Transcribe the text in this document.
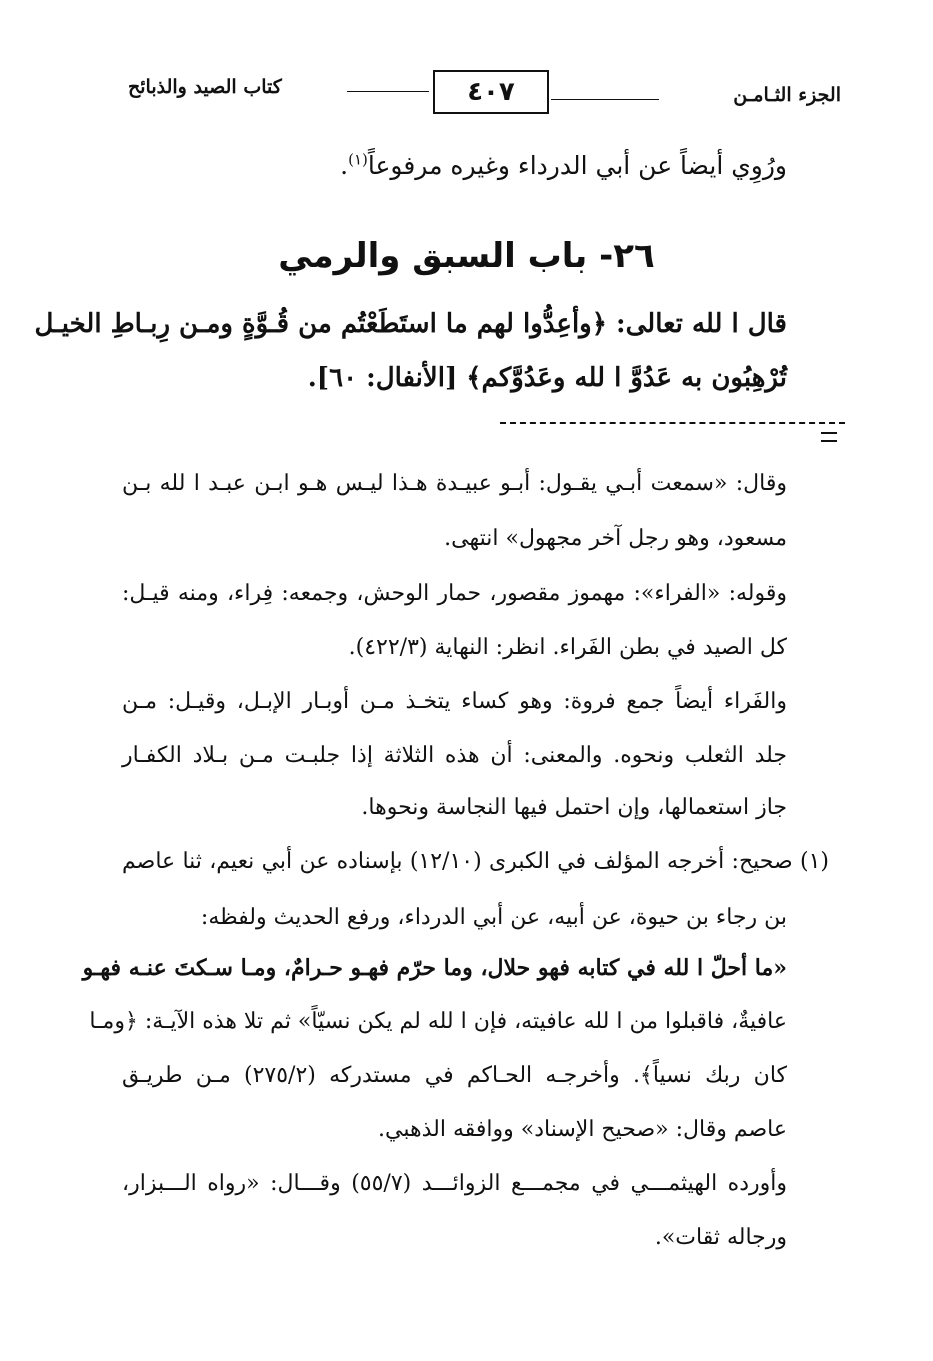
الجزء الثـامـن
٤٠٧
كتاب الصيد والذبائح
ورُوِي أيضاً عن أبي الدرداء وغيره مرفوعاً$^{(١)}$.
٢٦- باب السبق والرمي
قال ا لله تعالى: ﴿وأعِدُّوا لهم ما استَطَعْتُم من قُـوَّةٍ ومـن رِبـاطِ الخيـل
تُرْهِبُون به عَدُوَّ ا لله وعَدُوَّكم﴾ [الأنفال: ٦٠].
وقال: «سمعت أبـي يقـول: أبـو عبيـدة هـذا ليـس هـو ابـن عبـد ا لله بـن
مسعود، وهو رجل آخر مجهول» انتهى.
وقوله: «الفراء»: مهموز مقصور، حمار الوحش، وجمعه: فِراء، ومنه قيـل:
كل الصيد في بطن الفَراء. انظر: النهاية (٤٢٢/٣).
والفَراء أيضاً جمع فروة: وهو كساء يتخـذ مـن أوبـار الإبـل، وقيـل: مـن
جلد الثعلب ونحوه. والمعنى: أن هذه الثلاثة إذا جلبـت مـن بـلاد الكفـار
جاز استعمالها، وإن احتمل فيها النجاسة ونحوها.
(١) صحيح: أخرجه المؤلف في الكبرى (١٢/١٠) بإسناده عن أبي نعيم، ثنا عاصم
بن رجاء بن حيوة، عن أبيه، عن أبي الدرداء، ورفع الحديث ولفظه:
«ما أحلّ ا لله في كتابه فهو حلال، وما حرّم فهـو حـرامٌ، ومـا سـكتَ عنـه فهـو
عافيةٌ، فاقبلوا من ا لله عافيته، فإن ا لله لم يكن نسيّاً» ثم تلا هذه الآيـة: ﴿ومـا
كان ربك نسياً﴾. وأخرجـه الحـاكم في مستدركه (٢٧٥/٢) مـن طريـق
عاصم وقال: «صحيح الإسناد» ووافقه الذهبي.
وأورده الهيثمـــي في مجمـــع الزوائـــد (٥٥/٧) وقـــال: «رواه الـــبزار،
ورجاله ثقات».
